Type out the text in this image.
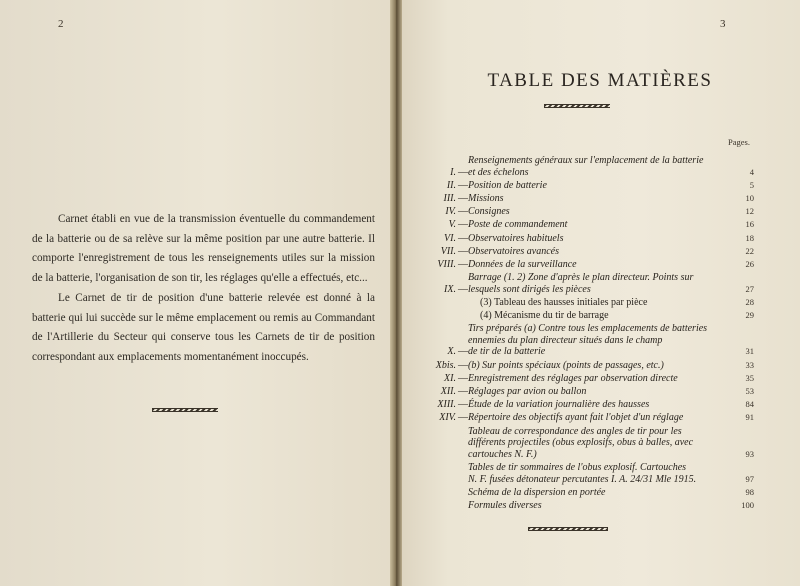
2
Carnet établi en vue de la transmission éventuelle du commandement de la batterie ou de sa relève sur la même position par une autre batterie. Il comporte l'enregistrement de tous les renseignements utiles sur la mission de la batterie, l'organisation de son tir, les réglages qu'elle a effectués, etc...
Le Carnet de tir de position d'une batterie relevée est donné à la batterie qui lui succède sur le même emplacement ou remis au Commandant de l'Artillerie du Secteur qui conserve tous les Carnets de tir de position correspondant aux emplacements momentanément inoccupés.
3
TABLE DES MATIÈRES
Pages.
I. —
Renseignements généraux sur l'emplacement de la batterie
et des échelons	4
II. — Position de batterie	5
III. — Missions	10
IV. — Consignes	12
V. — Poste de commandement	16
VI. — Observatoires habituels	18
VII. — Observatoires avancés	22
VIII. — Données de la surveillance	26
IX. —
Barrage (1. 2) Zone d'après le plan directeur. Points sur
lesquels sont dirigés les pièces	27
(3) Tableau des hausses initiales par pièce	28
(4) Mécanisme du tir de barrage	29
X. —
Tirs préparés (a) Contre tous les emplacements de batteries ennemies du plan directeur situés dans le champ
de tir de la batterie	31
Xbis. — (b) Sur points spéciaux (points de passages, etc.)	33
XI. — Enregistrement des réglages par observation directe	35
XII. — Réglages par avion ou ballon	53
XIII. — Étude de la variation journalière des hausses	84
XIV. — Répertoire des objectifs ayant fait l'objet d'un réglage	91
Tableau de correspondance des angles de tir pour les différents projectiles (obus explosifs, obus à balles, avec
cartouches N. F.)	93
Tables de tir sommaires de l'obus explosif. Cartouches
N. F. fusées détonateur percutantes I. A. 24/31 Mle 1915.	97
Schéma de la dispersion en portée	98
Formules diverses	100
